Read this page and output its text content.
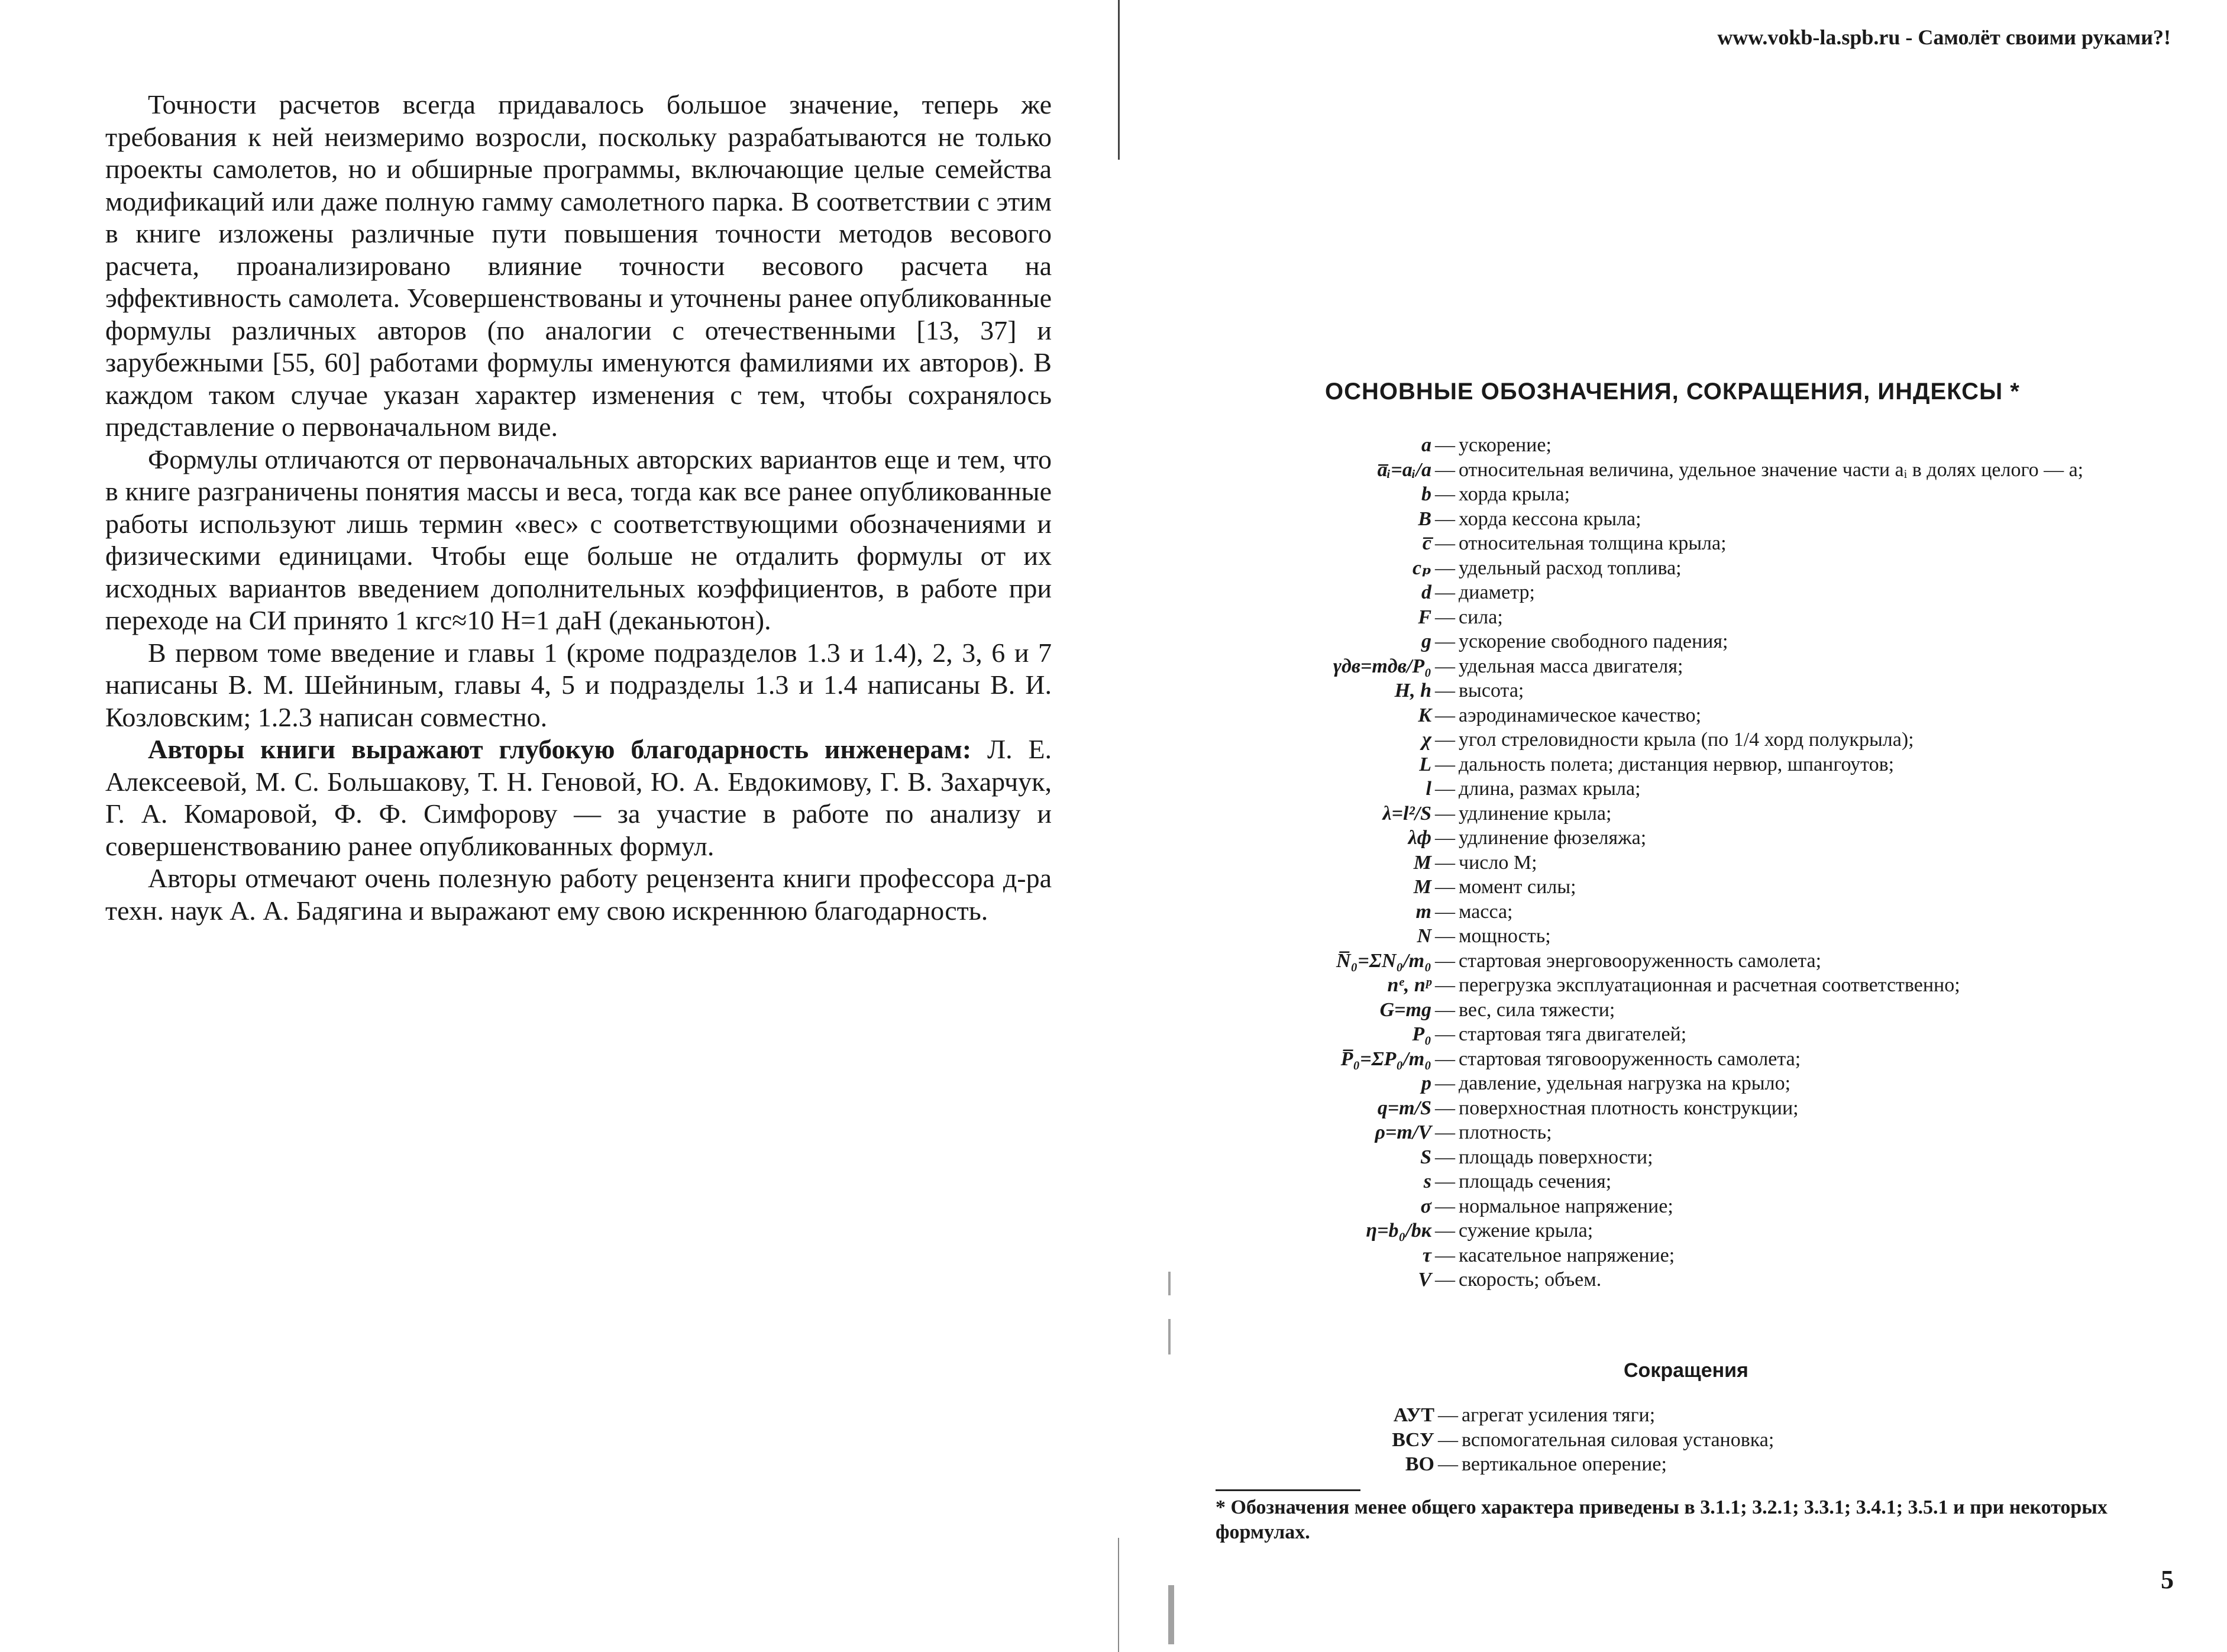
Точности расчетов всегда придавалось большое значение, теперь же требования к ней неизмеримо возросли, поскольку разрабатываются не только проекты самолетов, но и обширные программы, включающие целые семейства модификаций или даже полную гамму самолетного парка. В соответствии с этим в книге изложены различные пути повышения точности методов весового расчета, проанализировано влияние точности весового расчета на эффективность самолета. Усовершенствованы и уточнены ранее опубликованные формулы различных авторов (по аналогии с отечественными [13, 37] и зарубежными [55, 60] работами формулы именуются фамилиями их авторов). В каждом таком случае указан характер изменения с тем, чтобы сохранялось представление о первоначальном виде.

Формулы отличаются от первоначальных авторских вариантов еще и тем, что в книге разграничены понятия массы и веса, тогда как все ранее опубликованные работы используют лишь термин «вес» с соответствующими обозначениями и физическими единицами. Чтобы еще больше не отдалить формулы от их исходных вариантов введением дополнительных коэффициентов, в работе при переходе на СИ принято 1 кгс≈10 Н=1 даН (деканьютон).

В первом томе введение и главы 1 (кроме подразделов 1.3 и 1.4), 2, 3, 6 и 7 написаны В. М. Шейниным, главы 4, 5 и подразделы 1.3 и 1.4 написаны В. И. Козловским; 1.2.3 написан совместно.

Авторы книги выражают глубокую благодарность инженерам: Л. Е. Алексеевой, М. С. Большакову, Т. Н. Геновой, Ю. А. Евдокимову, Г. В. Захарчук, Г. А. Комаровой, Ф. Ф. Симфорову — за участие в работе по анализу и совершенствованию ранее опубликованных формул.

Авторы отмечают очень полезную работу рецензента книги профессора д-ра техн. наук А. А. Бадягина и выражают ему свою искреннюю благодарность.

www.vokb-la.spb.ru - Самолёт своими руками?!
ОСНОВНЫЕ ОБОЗНАЧЕНИЯ, СОКРАЩЕНИЯ, ИНДЕКСЫ *
a — ускорение;
a̅ᵢ=aᵢ/a — относительная величина, удельное значение части aᵢ в долях целого — a;
b — хорда крыла;
B — хорда кессона крыла;
c̅ — относительная толщина крыла;
cₚ — удельный расход топлива;
d — диаметр;
F — сила;
g — ускорение свободного падения;
γдв=mдв/P₀ — удельная масса двигателя;
H, h — высота;
K — аэродинамическое качество;
χ — угол стреловидности крыла (по 1/4 хорд полукрыла);
L — дальность полета; дистанция нервюр, шпангоутов;
l — длина, размах крыла;
λ=l²/S — удлинение крыла;
λф — удлинение фюзеляжа;
M — число M;
M — момент силы;
m — масса;
N — мощность;
N̅₀=ΣN₀/m₀ — стартовая энерговооруженность самолета;
nᵉ, nᵖ — перегрузка эксплуатационная и расчетная соответственно;
G=mg — вес, сила тяжести;
P₀ — стартовая тяга двигателей;
P̅₀=ΣP₀/m₀ — стартовая тяговооруженность самолета;
p — давление, удельная нагрузка на крыло;
q=m/S — поверхностная плотность конструкции;
ρ=m/V — плотность;
S — площадь поверхности;
s — площадь сечения;
σ — нормальное напряжение;
η=b₀/bк — сужение крыла;
τ — касательное напряжение;
V — скорость; объем.
Сокращения
АУТ — агрегат усиления тяги;
ВСУ — вспомогательная силовая установка;
ВО — вертикальное оперение;
* Обозначения менее общего характера приведены в 3.1.1; 3.2.1; 3.3.1; 3.4.1; 3.5.1 и при некоторых формулах.
5
